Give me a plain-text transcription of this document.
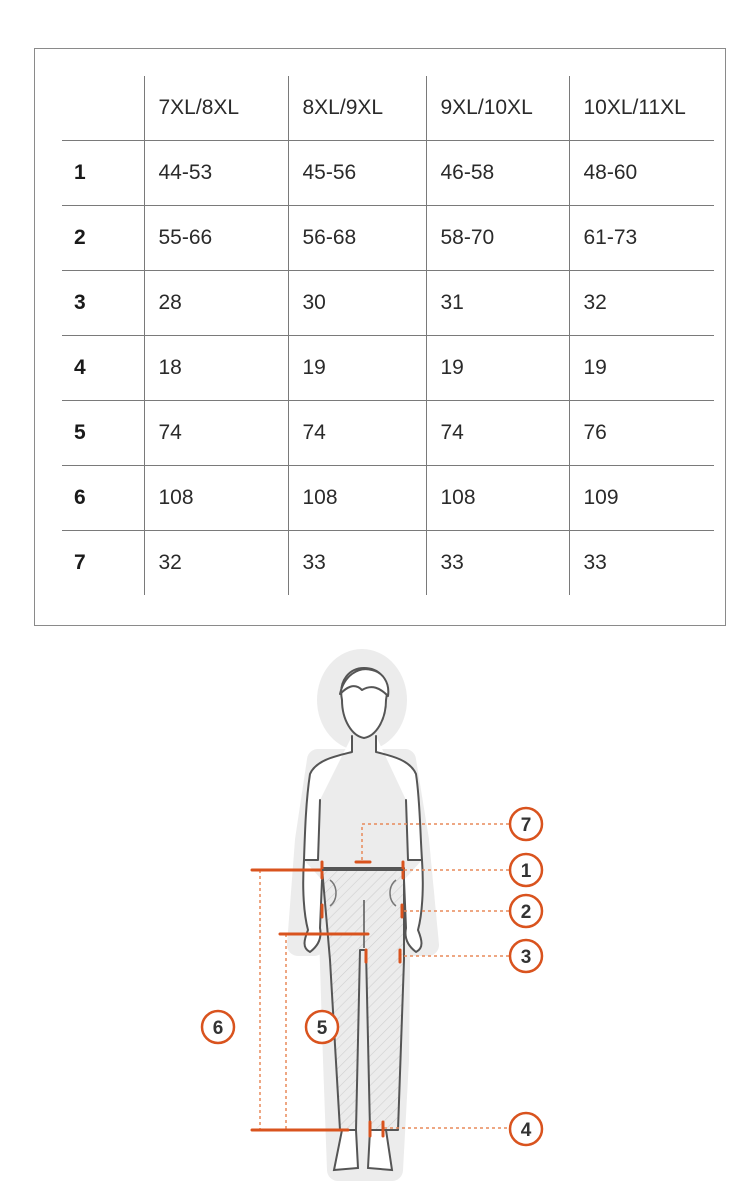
	7XL/8XL	8XL/9XL	9XL/10XL	10XL/11XL
1	44-53	45-56	46-58	48-60
2	55-66	56-68	58-70	61-73
3	28	30	31	32
4	18	19	19	19
5	74	74	74	76
6	108	108	108	109
7	32	33	33	33
7
1
2
3
4
5
6
